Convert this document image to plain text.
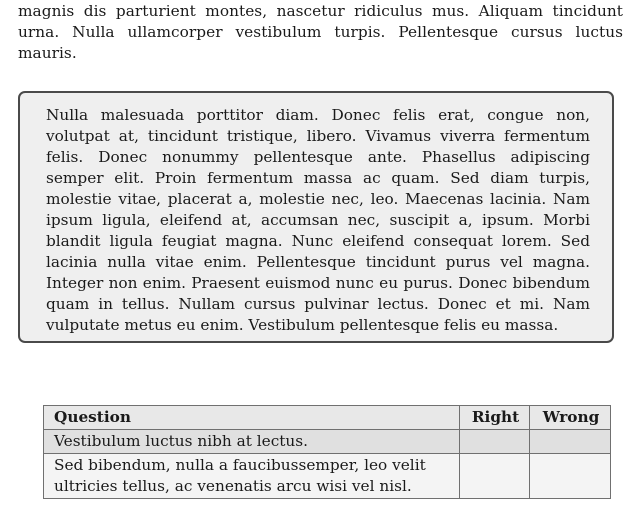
magnis dis parturient montes, nascetur ridiculus mus. Aliquam tincidunt urna. Nulla ullamcorper vestibulum turpis. Pellentesque cursus luctus mauris.

Nulla malesuada porttitor diam. Donec felis erat, congue non, volutpat at, tincidunt tristique, libero. Vivamus viverra fermentum felis. Donec nonummy pellentesque ante. Phasellus adipiscing semper elit. Proin fermentum massa ac quam. Sed diam turpis, molestie vitae, placerat a, molestie nec, leo. Maecenas lacinia. Nam ipsum ligula, eleifend at, accumsan nec, suscipit a, ipsum. Morbi blandit ligula feugiat magna. Nunc eleifend consequat lorem. Sed lacinia nulla vitae enim. Pellentesque tincidunt purus vel magna. Integer non enim. Praesent euismod nunc eu purus. Donec bibendum quam in tellus. Nullam cursus pulvinar lectus. Donec et mi. Nam vulputate metus eu enim. Vestibulum pellentesque felis eu massa.

Question	Right	Wrong
Vestibulum luctus nibh at lectus.		
Sed bibendum, nulla a faucibussemper, leo velit ultricies tellus, ac venenatis arcu wisi vel nisl.		
